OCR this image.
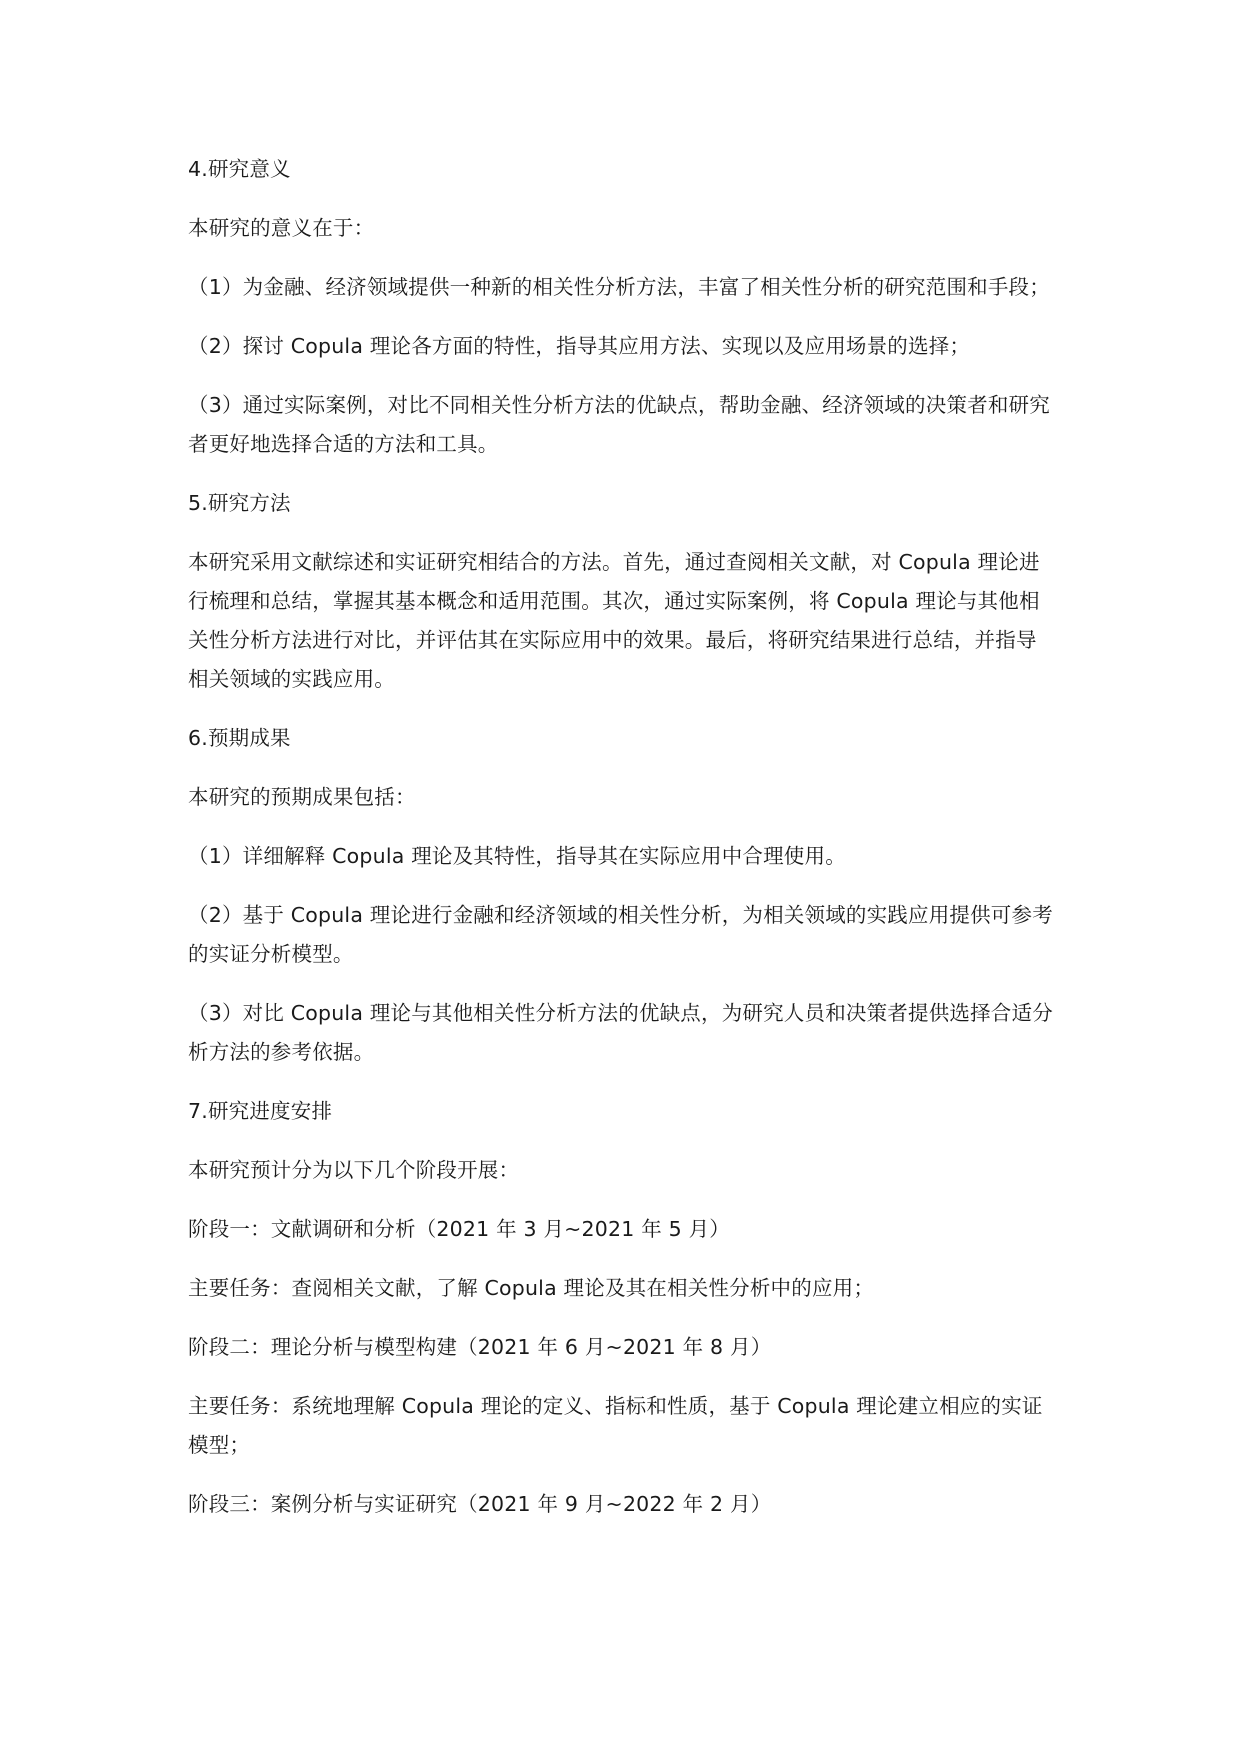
4.研究意义

本研究的意义在于：

（1）为金融、经济领域提供一种新的相关性分析方法，丰富了相关性分析的研究范围和手段；

（2）探讨 Copula 理论各方面的特性，指导其应用方法、实现以及应用场景的选择；

（3）通过实际案例，对比不同相关性分析方法的优缺点，帮助金融、经济领域的决策者和研究者更好地选择合适的方法和工具。

5.研究方法

本研究采用文献综述和实证研究相结合的方法。首先，通过查阅相关文献，对 Copula 理论进行梳理和总结，掌握其基本概念和适用范围。其次，通过实际案例，将 Copula 理论与其他相关性分析方法进行对比，并评估其在实际应用中的效果。最后，将研究结果进行总结，并指导相关领域的实践应用。

6.预期成果

本研究的预期成果包括：

（1）详细解释 Copula 理论及其特性，指导其在实际应用中合理使用。

（2）基于 Copula 理论进行金融和经济领域的相关性分析，为相关领域的实践应用提供可参考的实证分析模型。

（3）对比 Copula 理论与其他相关性分析方法的优缺点，为研究人员和决策者提供选择合适分析方法的参考依据。

7.研究进度安排

本研究预计分为以下几个阶段开展：

阶段一：文献调研和分析（2021 年 3 月~2021 年 5 月）

主要任务：查阅相关文献，了解 Copula 理论及其在相关性分析中的应用；

阶段二：理论分析与模型构建（2021 年 6 月~2021 年 8 月）

主要任务：系统地理解 Copula 理论的定义、指标和性质，基于 Copula 理论建立相应的实证模型；

阶段三：案例分析与实证研究（2021 年 9 月~2022 年 2 月）
